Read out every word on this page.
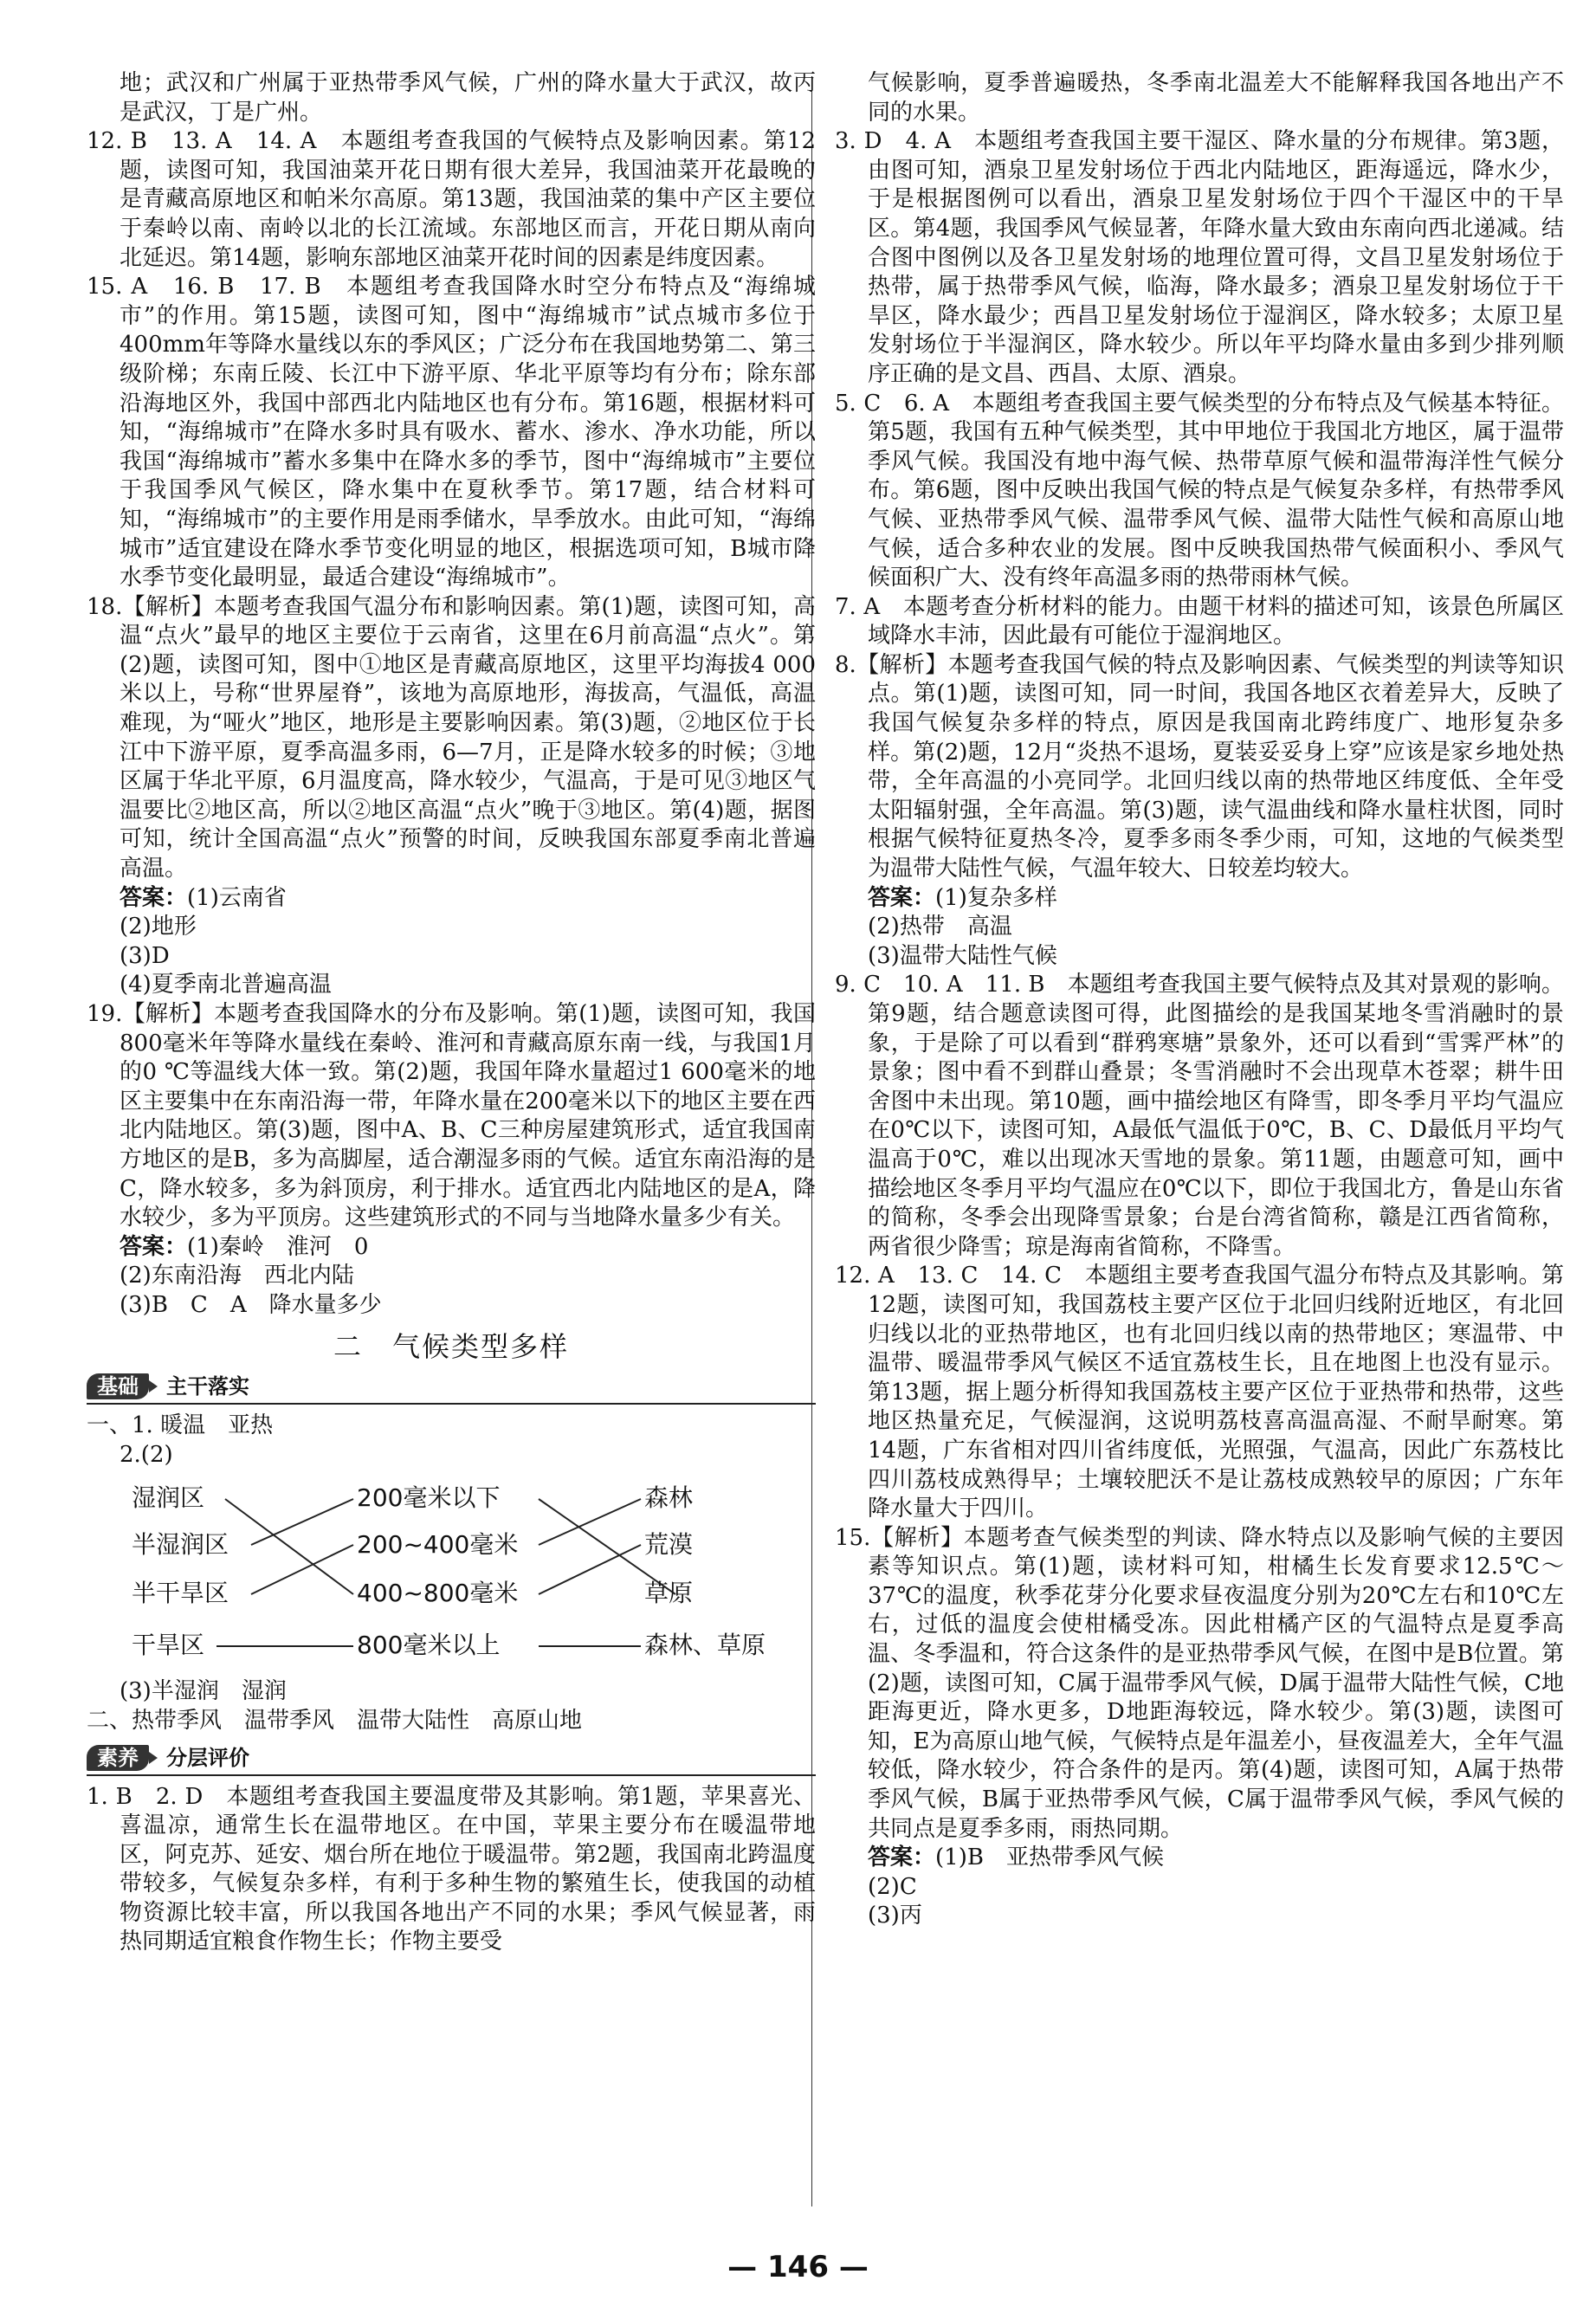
地；武汉和广州属于亚热带季风气候，广州的降水量大于武汉，故丙是武汉，丁是广州。

12. B　13. A　14. A　本题组考查我国的气候特点及影响因素。第12题，读图可知，我国油菜开花日期有很大差异，我国油菜开花最晚的是青藏高原地区和帕米尔高原。第13题，我国油菜的集中产区主要位于秦岭以南、南岭以北的长江流域。东部地区而言，开花日期从南向北延迟。第14题，影响东部地区油菜开花时间的因素是纬度因素。

15. A　16. B　17. B　本题组考查我国降水时空分布特点及“海绵城市”的作用。第15题，读图可知，图中“海绵城市”试点城市多位于400mm年等降水量线以东的季风区；广泛分布在我国地势第二、第三级阶梯；东南丘陵、长江中下游平原、华北平原等均有分布；除东部沿海地区外，我国中部西北内陆地区也有分布。第16题，根据材料可知，“海绵城市”在降水多时具有吸水、蓄水、渗水、净水功能，所以我国“海绵城市”蓄水多集中在降水多的季节，图中“海绵城市”主要位于我国季风气候区，降水集中在夏秋季节。第17题，结合材料可知，“海绵城市”的主要作用是雨季储水，旱季放水。由此可知，“海绵城市”适宜建设在降水季节变化明显的地区，根据选项可知，B城市降水季节变化最明显，最适合建设“海绵城市”。

18.【解析】本题考查我国气温分布和影响因素。第(1)题，读图可知，高温“点火”最早的地区主要位于云南省，这里在6月前高温“点火”。第(2)题，读图可知，图中①地区是青藏高原地区，这里平均海拔4 000米以上，号称“世界屋脊”，该地为高原地形，海拔高，气温低，高温难现，为“哑火”地区，地形是主要影响因素。第(3)题，②地区位于长江中下游平原，夏季高温多雨，6—7月，正是降水较多的时候；③地区属于华北平原，6月温度高，降水较少，气温高，于是可见③地区气温要比②地区高，所以②地区高温“点火”晚于③地区。第(4)题，据图可知，统计全国高温“点火”预警的时间，反映我国东部夏季南北普遍高温。

答案：(1)云南省

(2)地形

(3)D

(4)夏季南北普遍高温

19.【解析】本题考查我国降水的分布及影响。第(1)题，读图可知，我国800毫米年等降水量线在秦岭、淮河和青藏高原东南一线，与我国1月的0 ℃等温线大体一致。第(2)题，我国年降水量超过1 600毫米的地区主要集中在东南沿海一带，年降水量在200毫米以下的地区主要在西北内陆地区。第(3)题，图中A、B、C三种房屋建筑形式，适宜我国南方地区的是B，多为高脚屋，适合潮湿多雨的气候。适宜东南沿海的是C，降水较多，多为斜顶房，利于排水。适宜西北内陆地区的是A，降水较少，多为平顶房。这些建筑形式的不同与当地降水量多少有关。

答案：(1)秦岭　淮河　0

(2)东南沿海　西北内陆

(3)B　C　A　降水量多少

二　气候类型多样
基础	主干落实

一、1. 暖温　亚热

2.(2)

湿润区
半湿润区
半干旱区
干旱区
200毫米以下
200~400毫米
400~800毫米
800毫米以上
森林
荒漠
草原
森林、草原

(3)半湿润　湿润

二、热带季风　温带季风　温带大陆性　高原山地

素养	分层评价

1. B　2. D　本题组考查我国主要温度带及其影响。第1题，苹果喜光、喜温凉，通常生长在温带地区。在中国，苹果主要分布在暖温带地区，阿克苏、延安、烟台所在地位于暖温带。第2题，我国南北跨温度带较多，气候复杂多样，有利于多种生物的繁殖生长，使我国的动植物资源比较丰富，所以我国各地出产不同的水果；季风气候显著，雨热同期适宜粮食作物生长；作物主要受

气候影响，夏季普遍暖热，冬季南北温差大不能解释我国各地出产不同的水果。

3. D　4. A　本题组考查我国主要干湿区、降水量的分布规律。第3题，由图可知，酒泉卫星发射场位于西北内陆地区，距海遥远，降水少，于是根据图例可以看出，酒泉卫星发射场位于四个干湿区中的干旱区。第4题，我国季风气候显著，年降水量大致由东南向西北递减。结合图中图例以及各卫星发射场的地理位置可得，文昌卫星发射场位于热带，属于热带季风气候，临海，降水最多；酒泉卫星发射场位于干旱区，降水最少；西昌卫星发射场位于湿润区，降水较多；太原卫星发射场位于半湿润区，降水较少。所以年平均降水量由多到少排列顺序正确的是文昌、西昌、太原、酒泉。

5. C　6. A　本题组考查我国主要气候类型的分布特点及气候基本特征。第5题，我国有五种气候类型，其中甲地位于我国北方地区，属于温带季风气候。我国没有地中海气候、热带草原气候和温带海洋性气候分布。第6题，图中反映出我国气候的特点是气候复杂多样，有热带季风气候、亚热带季风气候、温带季风气候、温带大陆性气候和高原山地气候，适合多种农业的发展。图中反映我国热带气候面积小、季风气候面积广大、没有终年高温多雨的热带雨林气候。

7. A　本题考查分析材料的能力。由题干材料的描述可知，该景色所属区域降水丰沛，因此最有可能位于湿润地区。

8.【解析】本题考查我国气候的特点及影响因素、气候类型的判读等知识点。第(1)题，读图可知，同一时间，我国各地区衣着差异大，反映了我国气候复杂多样的特点，原因是我国南北跨纬度广、地形复杂多样。第(2)题，12月“炎热不退场，夏装妥妥身上穿”应该是家乡地处热带，全年高温的小亮同学。北回归线以南的热带地区纬度低、全年受太阳辐射强，全年高温。第(3)题，读气温曲线和降水量柱状图，同时根据气候特征夏热冬冷，夏季多雨冬季少雨，可知，这地的气候类型为温带大陆性气候，气温年较大、日较差均较大。

答案：(1)复杂多样

(2)热带　高温

(3)温带大陆性气候

9. C　10. A　11. B　本题组考查我国主要气候特点及其对景观的影响。第9题，结合题意读图可得，此图描绘的是我国某地冬雪消融时的景象，于是除了可以看到“群鸦寒塘”景象外，还可以看到“雪霁严林”的景象；图中看不到群山叠景；冬雪消融时不会出现草木苍翠；耕牛田舍图中未出现。第10题，画中描绘地区有降雪，即冬季月平均气温应在0℃以下，读图可知，A最低气温低于0℃，B、C、D最低月平均气温高于0℃，难以出现冰天雪地的景象。第11题，由题意可知，画中描绘地区冬季月平均气温应在0℃以下，即位于我国北方，鲁是山东省的简称，冬季会出现降雪景象；台是台湾省简称，赣是江西省简称，两省很少降雪；琼是海南省简称，不降雪。

12. A　13. C　14. C　本题组主要考查我国气温分布特点及其影响。第12题，读图可知，我国荔枝主要产区位于北回归线附近地区，有北回归线以北的亚热带地区，也有北回归线以南的热带地区；寒温带、中温带、暖温带季风气候区不适宜荔枝生长，且在地图上也没有显示。第13题，据上题分析得知我国荔枝主要产区位于亚热带和热带，这些地区热量充足，气候湿润，这说明荔枝喜高温高湿、不耐旱耐寒。第14题，广东省相对四川省纬度低，光照强，气温高，因此广东荔枝比四川荔枝成熟得早；土壤较肥沃不是让荔枝成熟较早的原因；广东年降水量大于四川。

15.【解析】本题考查气候类型的判读、降水特点以及影响气候的主要因素等知识点。第(1)题，读材料可知，柑橘生长发育要求12.5℃～37℃的温度，秋季花芽分化要求昼夜温度分别为20℃左右和10℃左右，过低的温度会使柑橘受冻。因此柑橘产区的气温特点是夏季高温、冬季温和，符合这条件的是亚热带季风气候，在图中是B位置。第(2)题，读图可知，C属于温带季风气候，D属于温带大陆性气候，C地距海更近，降水更多，D地距海较远，降水较少。第(3)题，读图可知，E为高原山地气候，气候特点是年温差小，昼夜温差大，全年气温较低，降水较少，符合条件的是丙。第(4)题，读图可知，A属于热带季风气候，B属于亚热带季风气候，C属于温带季风气候，季风气候的共同点是夏季多雨，雨热同期。

答案：(1)B　亚热带季风气候

(2)C

(3)丙

— 146 —
